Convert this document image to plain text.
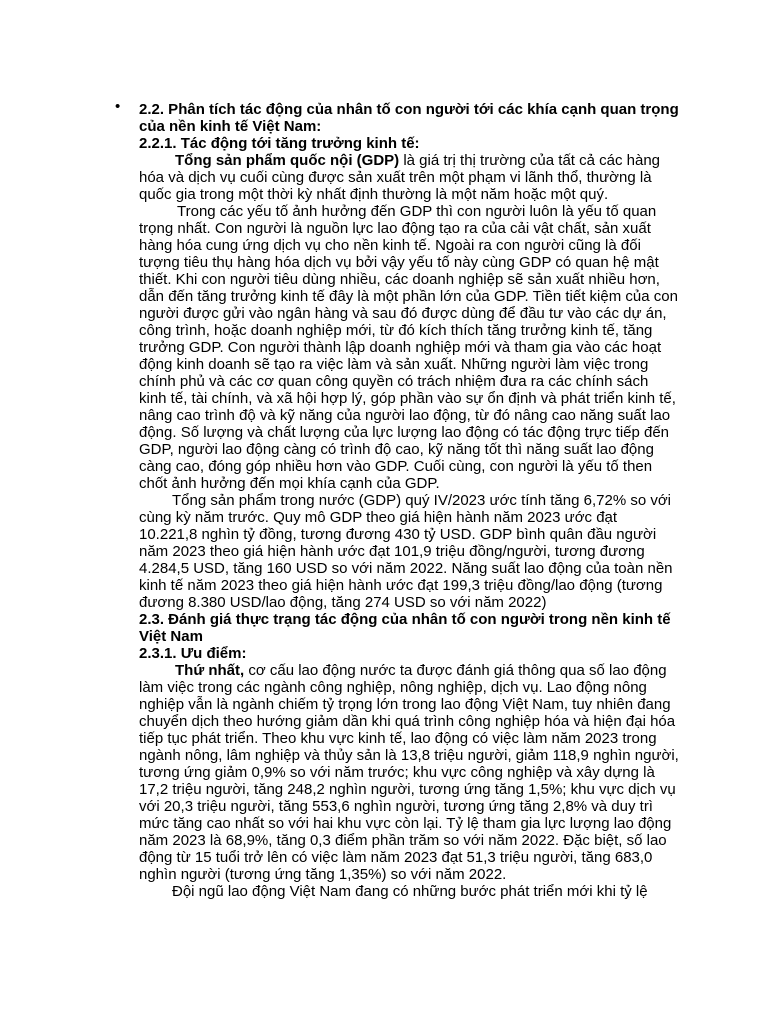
• 2.2. Phân tích tác động của nhân tố con người tới các khía cạnh quan trọng của nền kinh tế Việt Nam:

2.2.1. Tác động tới tăng trưởng kinh tế:

Tổng sản phẩm quốc nội (GDP) là giá trị thị trường của tất cả các hàng hóa và dịch vụ cuối cùng được sản xuất trên một phạm vi lãnh thổ, thường là quốc gia trong một thời kỳ nhất định thường là một năm hoặc một quý.

Trong các yếu tố ảnh hưởng đến GDP thì con người luôn là yếu tố quan trọng nhất. Con người là nguồn lực lao động tạo ra của cải vật chất, sản xuất hàng hóa cung ứng dịch vụ cho nền kinh tế. Ngoài ra con người cũng là đối tượng tiêu thụ hàng hóa dịch vụ bởi vậy yếu tố này cùng GDP có quan hệ mật thiết. Khi con người tiêu dùng nhiều, các doanh nghiệp sẽ sản xuất nhiều hơn, dẫn đến tăng trưởng kinh tế đây là một phần lớn của GDP. Tiền tiết kiệm của con người được gửi vào ngân hàng và sau đó được dùng để đầu tư vào các dự án, công trình, hoặc doanh nghiệp mới, từ đó kích thích tăng trưởng kinh tế, tăng trưởng GDP. Con người thành lập doanh nghiệp mới và tham gia vào các hoạt động kinh doanh sẽ tạo ra việc làm và sản xuất. Những người làm việc trong chính phủ và các cơ quan công quyền có trách nhiệm đưa ra các chính sách kinh tế, tài chính, và xã hội hợp lý, góp phần vào sự ổn định và phát triển kinh tế, nâng cao trình độ và kỹ năng của người lao động, từ đó nâng cao năng suất lao động. Số lượng và chất lượng của lực lượng lao động có tác động trực tiếp đến GDP, người lao động càng có trình độ cao, kỹ năng tốt thì năng suất lao động càng cao, đóng góp nhiều hơn vào GDP. Cuối cùng, con người là yếu tố then chốt ảnh hưởng đến mọi khía cạnh của GDP.

Tổng sản phẩm trong nước (GDP) quý IV/2023 ước tính tăng 6,72% so với cùng kỳ năm trước. Quy mô GDP theo giá hiện hành năm 2023 ước đạt 10.221,8 nghìn tỷ đồng, tương đương 430 tỷ USD. GDP bình quân đầu người năm 2023 theo giá hiện hành ước đạt 101,9 triệu đồng/người, tương đương 4.284,5 USD, tăng 160 USD so với năm 2022. Năng suất lao động của toàn nền kinh tế năm 2023 theo giá hiện hành ước đạt 199,3 triệu đồng/lao động (tương đương 8.380 USD/lao động, tăng 274 USD so với năm 2022)

2.3. Đánh giá thực trạng tác động của nhân tố con người trong nền kinh tế Việt Nam

2.3.1. Ưu điểm:

Thứ nhất, cơ cấu lao động nước ta được đánh giá thông qua số lao động làm việc trong các ngành công nghiệp, nông nghiệp, dịch vụ. Lao động nông nghiệp vẫn là ngành chiếm tỷ trọng lớn trong lao động Việt Nam, tuy nhiên đang chuyển dịch theo hướng giảm dần khi quá trình công nghiệp hóa và hiện đại hóa tiếp tục phát triển. Theo khu vực kinh tế, lao động có việc làm năm 2023 trong ngành nông, lâm nghiệp và thủy sản là 13,8 triệu người, giảm 118,9 nghìn người, tương ứng giảm 0,9% so với năm trước; khu vực công nghiệp và xây dựng là 17,2 triệu người, tăng 248,2 nghìn người, tương ứng tăng 1,5%; khu vực dịch vụ với 20,3 triệu người, tăng 553,6 nghìn người, tương ứng tăng 2,8% và duy trì mức tăng cao nhất so với hai khu vực còn lại. Tỷ lệ tham gia lực lượng lao động năm 2023 là 68,9%, tăng 0,3 điểm phần trăm so với năm 2022. Đặc biệt, số lao động từ 15 tuổi trở lên có việc làm năm 2023 đạt 51,3 triệu người, tăng 683,0 nghìn người (tương ứng tăng 1,35%) so với năm 2022.

Đội ngũ lao động Việt Nam đang có những bước phát triển mới khi tỷ lệ
